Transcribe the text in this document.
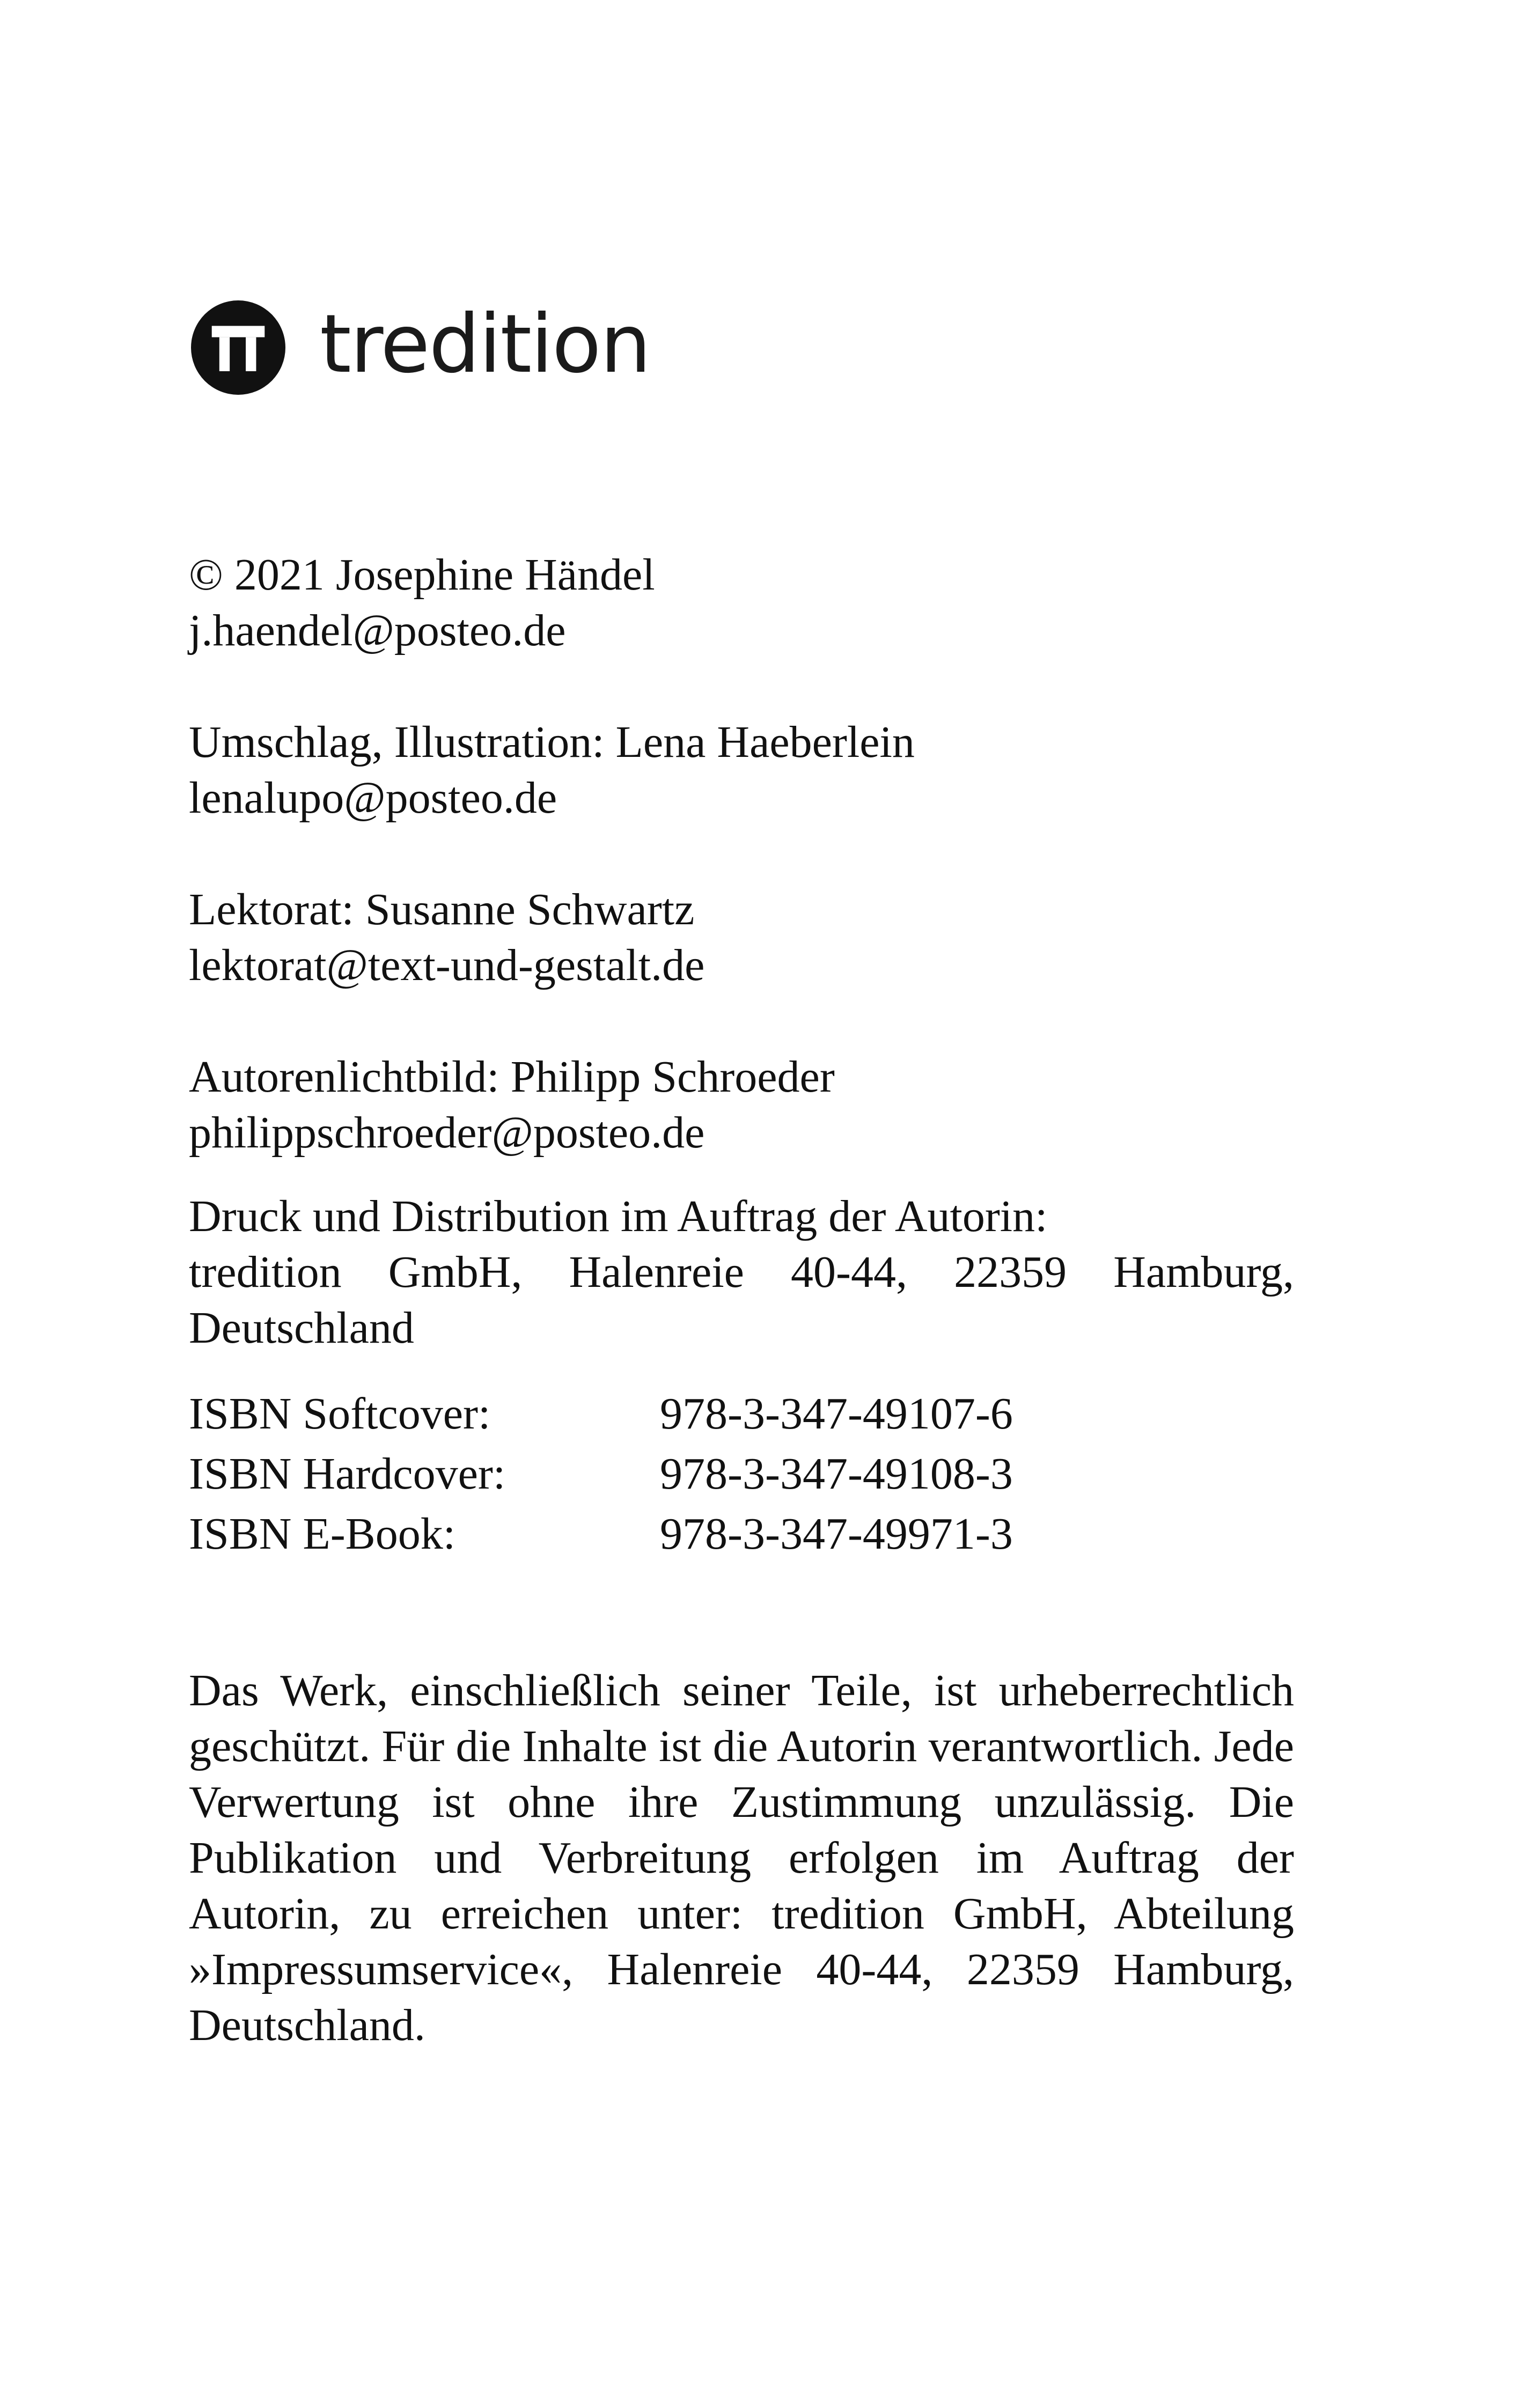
tredition

© 2021 Josephine Händel

j.haendel@posteo.de

Umschlag, Illustration: Lena Haeberlein

lenalupo@posteo.de

Lektorat: Susanne Schwartz

lektorat@text-und-gestalt.de

Autorenlichtbild: Philipp Schroeder

philippschroeder@posteo.de

Druck und Distribution im Auftrag der Autorin:
tredition GmbH, Halenreie 40-44, 22359 Hamburg, Deutschland

ISBN Softcover:	978-3-347-49107-6
ISBN Hardcover:	978-3-347-49108-3
ISBN E-Book:	978-3-347-49971-3

Das Werk, einschließlich seiner Teile, ist urheberrechtlich geschützt. Für die Inhalte ist die Autorin verantwortlich. Jede Verwertung ist ohne ihre Zustimmung unzulässig. Die Publikation und Verbreitung erfolgen im Auftrag der Autorin, zu erreichen unter: tredition GmbH, Abteilung »Impressumservice«, Halenreie 40-44, 22359 Hamburg, Deutschland.
